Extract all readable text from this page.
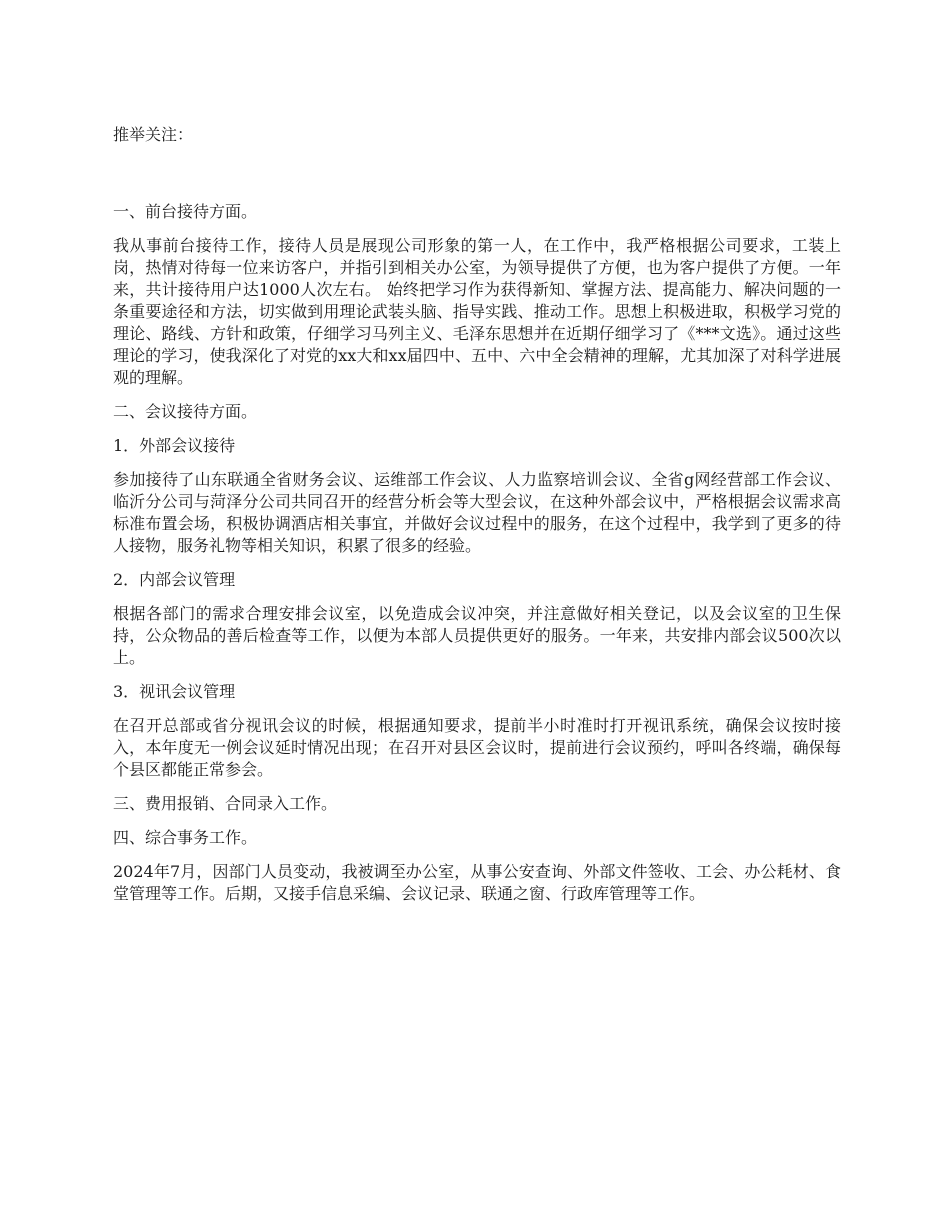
推举关注：

一、前台接待方面。

我从事前台接待工作，接待人员是展现公司形象的第一人，在工作中，我严格根据公司要求，工装上岗，热情对待每一位来访客户，并指引到相关办公室，为领导提供了方便，也为客户提供了方便。一年来，共计接待用户达1000人次左右。 始终把学习作为获得新知、掌握方法、提高能力、解决问题的一条重要途径和方法，切实做到用理论武装头脑、指导实践、推动工作。思想上积极进取，积极学习党的理论、路线、方针和政策，仔细学习马列主义、毛泽东思想并在近期仔细学习了《***文选》。通过这些理论的学习，使我深化了对党的xx大和xx届四中、五中、六中全会精神的理解，尤其加深了对科学进展观的理解。

二、会议接待方面。

1．外部会议接待

参加接待了山东联通全省财务会议、运维部工作会议、人力监察培训会议、全省g网经营部工作会议、临沂分公司与菏泽分公司共同召开的经营分析会等大型会议，在这种外部会议中，严格根据会议需求高标准布置会场，积极协调酒店相关事宜，并做好会议过程中的服务，在这个过程中，我学到了更多的待人接物，服务礼物等相关知识，积累了很多的经验。

2．内部会议管理

根据各部门的需求合理安排会议室，以免造成会议冲突，并注意做好相关登记，以及会议室的卫生保持，公众物品的善后检查等工作，以便为本部人员提供更好的服务。一年来，共安排内部会议500次以上。

3．视讯会议管理

在召开总部或省分视讯会议的时候，根据通知要求，提前半小时准时打开视讯系统，确保会议按时接入，本年度无一例会议延时情况出现；在召开对县区会议时，提前进行会议预约，呼叫各终端，确保每个县区都能正常参会。

三、费用报销、合同录入工作。

四、综合事务工作。

2024年7月，因部门人员变动，我被调至办公室，从事公安查询、外部文件签收、工会、办公耗材、食堂管理等工作。后期，又接手信息采编、会议记录、联通之窗、行政库管理等工作。
